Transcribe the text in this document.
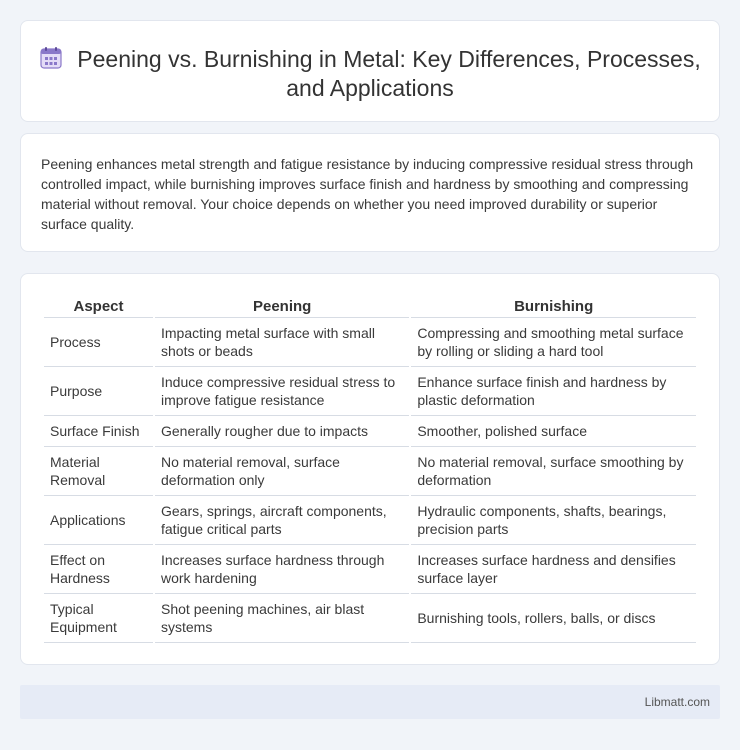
Peening vs. Burnishing in Metal: Key Differences, Processes, and Applications

Peening enhances metal strength and fatigue resistance by inducing compressive residual stress through controlled impact, while burnishing improves surface finish and hardness by smoothing and compressing material without removal. Your choice depends on whether you need improved durability or superior surface quality.

Aspect	Peening	Burnishing
Process	Impacting metal surface with small shots or beads	Compressing and smoothing metal surface by rolling or sliding a hard tool
Purpose	Induce compressive residual stress to improve fatigue resistance	Enhance surface finish and hardness by plastic deformation
Surface Finish	Generally rougher due to impacts	Smoother, polished surface
Material Removal	No material removal, surface deformation only	No material removal, surface smoothing by deformation
Applications	Gears, springs, aircraft components, fatigue critical parts	Hydraulic components, shafts, bearings, precision parts
Effect on Hardness	Increases surface hardness through work hardening	Increases surface hardness and densifies surface layer
Typical Equipment	Shot peening machines, air blast systems	Burnishing tools, rollers, balls, or discs
Libmatt.com
